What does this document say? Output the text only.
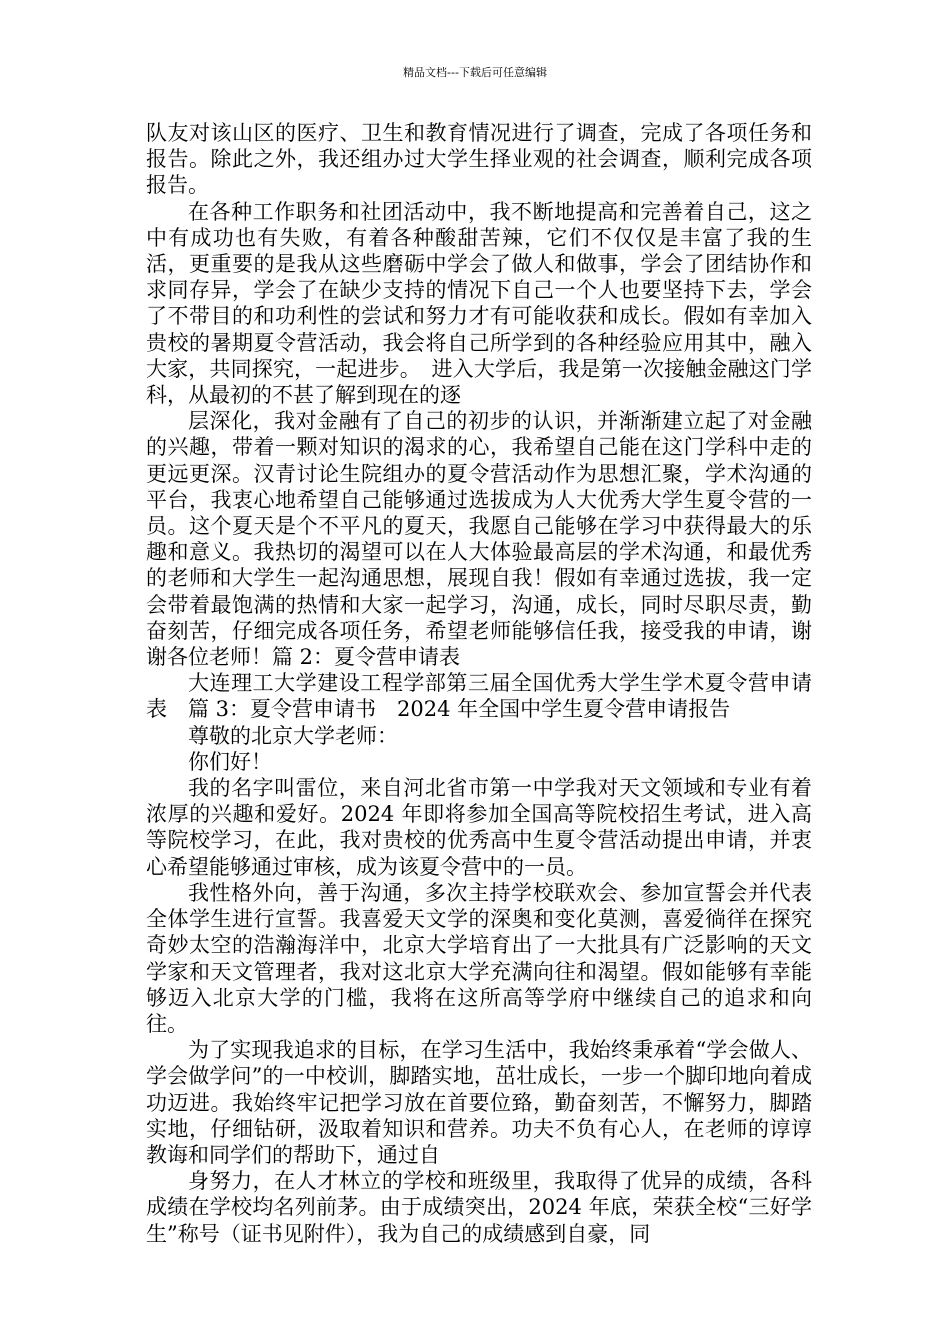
精品文档---下载后可任意编辑

队友对该山区的医疗、卫生和教育情况进行了调查，完成了各项任务和报告。除此之外，我还组办过大学生择业观的社会调查，顺利完成各项报告。

在各种工作职务和社团活动中，我不断地提高和完善着自己，这之中有成功也有失败，有着各种酸甜苦辣，它们不仅仅是丰富了我的生活，更重要的是我从这些磨砺中学会了做人和做事，学会了团结协作和求同存异，学会了在缺少支持的情况下自己一个人也要坚持下去，学会了不带目的和功利性的尝试和努力才有可能收获和成长。假如有幸加入贵校的暑期夏令营活动，我会将自己所学到的各种经验应用其中，融入大家，共同探究，一起进步。　进入大学后，我是第一次接触金融这门学科，从最初的不甚了解到现在的逐

层深化，我对金融有了自己的初步的认识，并渐渐建立起了对金融的兴趣，带着一颗对知识的渴求的心，我希望自己能在这门学科中走的更远更深。汉青讨论生院组办的夏令营活动作为思想汇聚，学术沟通的平台，我衷心地希望自己能够通过选拔成为人大优秀大学生夏令营的一员。这个夏天是个不平凡的夏天，我愿自己能够在学习中获得最大的乐趣和意义。我热切的渴望可以在人大体验最高层的学术沟通，和最优秀的老师和大学生一起沟通思想，展现自我！假如有幸通过选拔，我一定会带着最饱满的热情和大家一起学习，沟通，成长，同时尽职尽责，勤奋刻苦，仔细完成各项任务，希望老师能够信任我，接受我的申请，谢谢各位老师！篇 2：夏令营申请表

大连理工大学建设工程学部第三届全国优秀大学生学术夏令营申请表　篇 3：夏令营申请书　2024 年全国中学生夏令营申请报告

尊敬的北京大学老师：

你们好！

我的名字叫雷位，来自河北省市第一中学我对天文领域和专业有着浓厚的兴趣和爱好。2024 年即将参加全国高等院校招生考试，进入高等院校学习，在此，我对贵校的优秀高中生夏令营活动提出申请，并衷心希望能够通过审核，成为该夏令营中的一员。

我性格外向，善于沟通，多次主持学校联欢会、参加宣誓会并代表全体学生进行宣誓。我喜爱天文学的深奥和变化莫测，喜爱徜徉在探究奇妙太空的浩瀚海洋中，北京大学培育出了一大批具有广泛影响的天文学家和天文管理者，我对这北京大学充满向往和渴望。假如能够有幸能够迈入北京大学的门槛，我将在这所高等学府中继续自己的追求和向往。

为了实现我追求的目标，在学习生活中，我始终秉承着“学会做人、学会做学问”的一中校训，脚踏实地，茁壮成长，一步一个脚印地向着成功迈进。我始终牢记把学习放在首要位臵，勤奋刻苦，不懈努力，脚踏实地，仔细钻研，汲取着知识和营养。功夫不负有心人，在老师的谆谆教诲和同学们的帮助下，通过自

身努力，在人才林立的学校和班级里，我取得了优异的成绩，各科成绩在学校均名列前茅。由于成绩突出，2024 年底，荣获全校“三好学生”称号（证书见附件），我为自己的成绩感到自豪，同
